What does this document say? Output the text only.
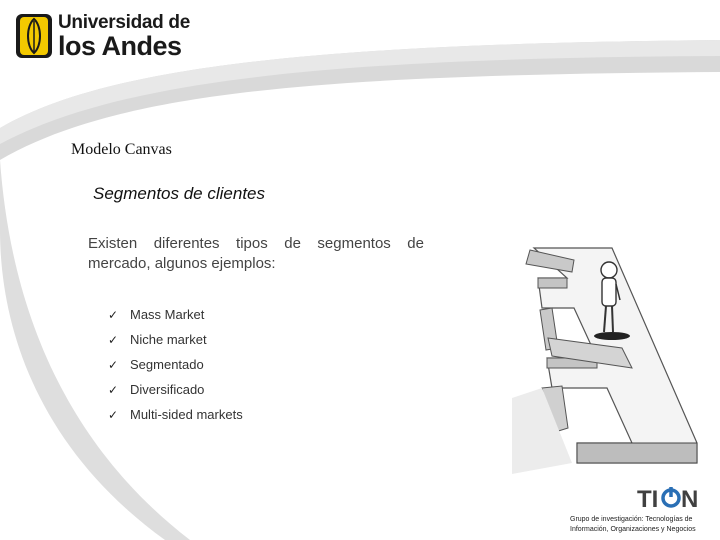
Universidad de
los Andes
Modelo Canvas
Segmentos de clientes
Existen diferentes tipos de segmentos de mercado, algunos ejemplos:
✓ Mass Market
✓ Niche market
✓ Segmentado
✓ Diversificado
✓ Multi-sided markets
TI N
Grupo de investigación: Tecnologías de Información, Organizaciones y Negocios
